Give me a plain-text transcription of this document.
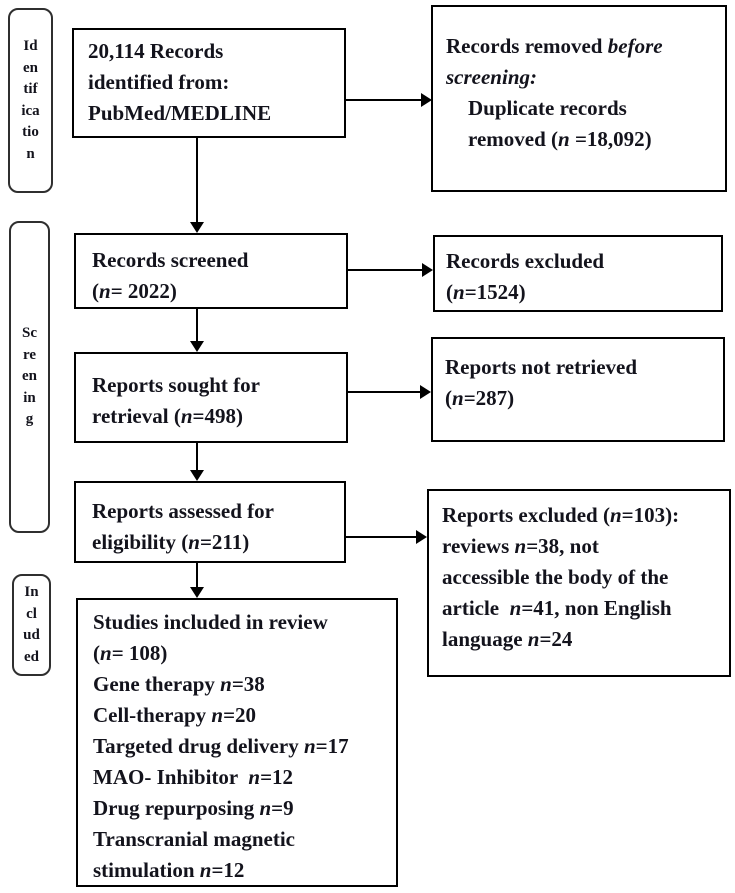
Id
en
tif
ica
tio
n
Sc
re
en
in
g
In
cl
ud
ed
20,114 Records
identified from:
PubMed/MEDLINE
Records screened
(n= 2022)
Reports sought for
retrieval (n=498)
Reports assessed for
eligibility (n=211)
Studies included in review
(n= 108)
Gene therapy n=38
Cell-therapy n=20
Targeted drug delivery n=17
MAO- Inhibitor  n=12
Drug repurposing n=9
Transcranial magnetic
stimulation n=12
Records removed before
screening:
Duplicate records
removed (n =18,092)
Records excluded
(n=1524)
Reports not retrieved
(n=287)
Reports excluded (n=103):
reviews n=38, not
accessible the body of the
article  n=41, non English
language n=24
